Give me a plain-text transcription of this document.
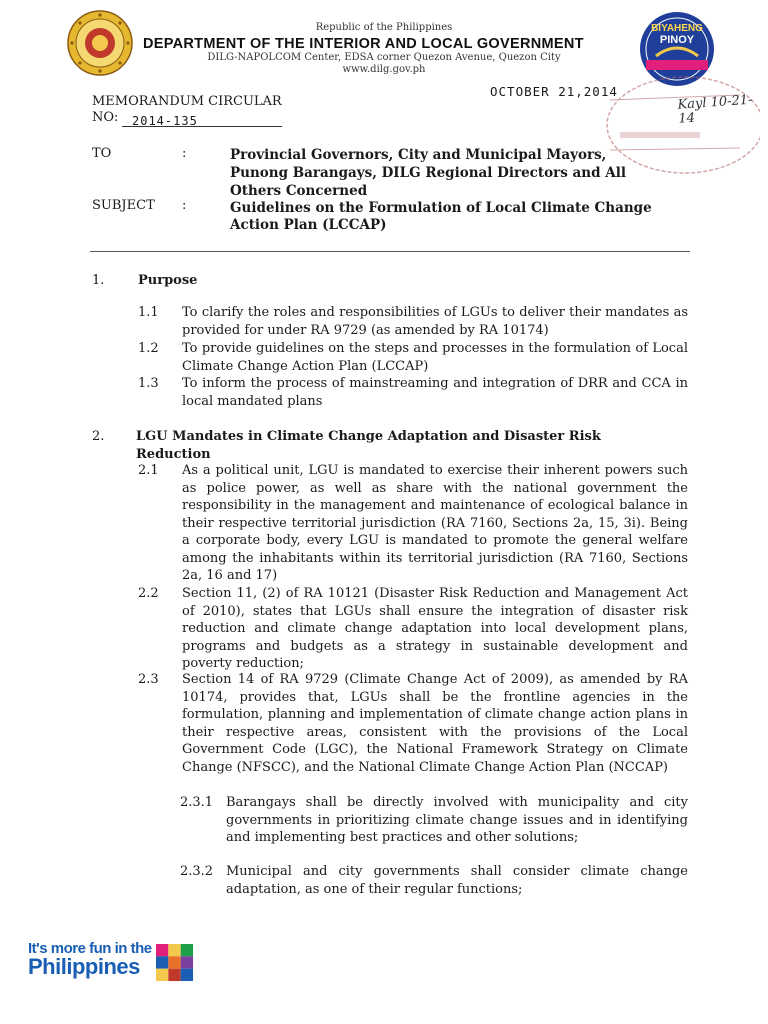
Republic of the Philippines
DEPARTMENT OF THE INTERIOR AND LOCAL GOVERNMENT
DILG-NAPOLCOM Center, EDSA corner Quezon Avenue, Quezon City
www.dilg.gov.ph
BIYAHENG
PINOY
OCTOBER 21,2014
Kayl 10-21-14
MEMORANDUM CIRCULAR
NO:	2014-135
TO	:	Provincial Governors, City and Municipal Mayors, Punong Barangays, DILG Regional Directors and All Others Concerned
SUBJECT :	Guidelines on the Formulation of Local Climate Change Action Plan (LCCAP)
1.	Purpose
1.1 To clarify the roles and responsibilities of LGUs to deliver their mandates as provided for under RA 9729 (as amended by RA 10174)
1.2 To provide guidelines on the steps and processes in the formulation of Local Climate Change Action Plan (LCCAP)
1.3 To inform the process of mainstreaming and integration of DRR and CCA in local mandated plans
2. LGU Mandates in Climate Change Adaptation and Disaster Risk Reduction
2.1 As a political unit, LGU is mandated to exercise their inherent powers such as police power, as well as share with the national government the responsibility in the management and maintenance of ecological balance in their respective territorial jurisdiction (RA 7160, Sections 2a, 15, 3i). Being a corporate body, every LGU is mandated to promote the general welfare among the inhabitants within its territorial jurisdiction (RA 7160, Sections 2a, 16 and 17)
2.2 Section 11, (2) of RA 10121 (Disaster Risk Reduction and Management Act of 2010), states that LGUs shall ensure the integration of disaster risk reduction and climate change adaptation into local development plans, programs and budgets as a strategy in sustainable development and poverty reduction;
2.3 Section 14 of RA 9729 (Climate Change Act of 2009), as amended by RA 10174, provides that, LGUs shall be the frontline agencies in the formulation, planning and implementation of climate change action plans in their respective areas, consistent with the provisions of the Local Government Code (LGC), the National Framework Strategy on Climate Change (NFSCC), and the National Climate Change Action Plan (NCCAP)
2.3.1 Barangays shall be directly involved with municipality and city governments in prioritizing climate change issues and in identifying and implementing best practices and other solutions;
2.3.2 Municipal and city governments shall consider climate change adaptation, as one of their regular functions;
It's more fun in the
Philippines
